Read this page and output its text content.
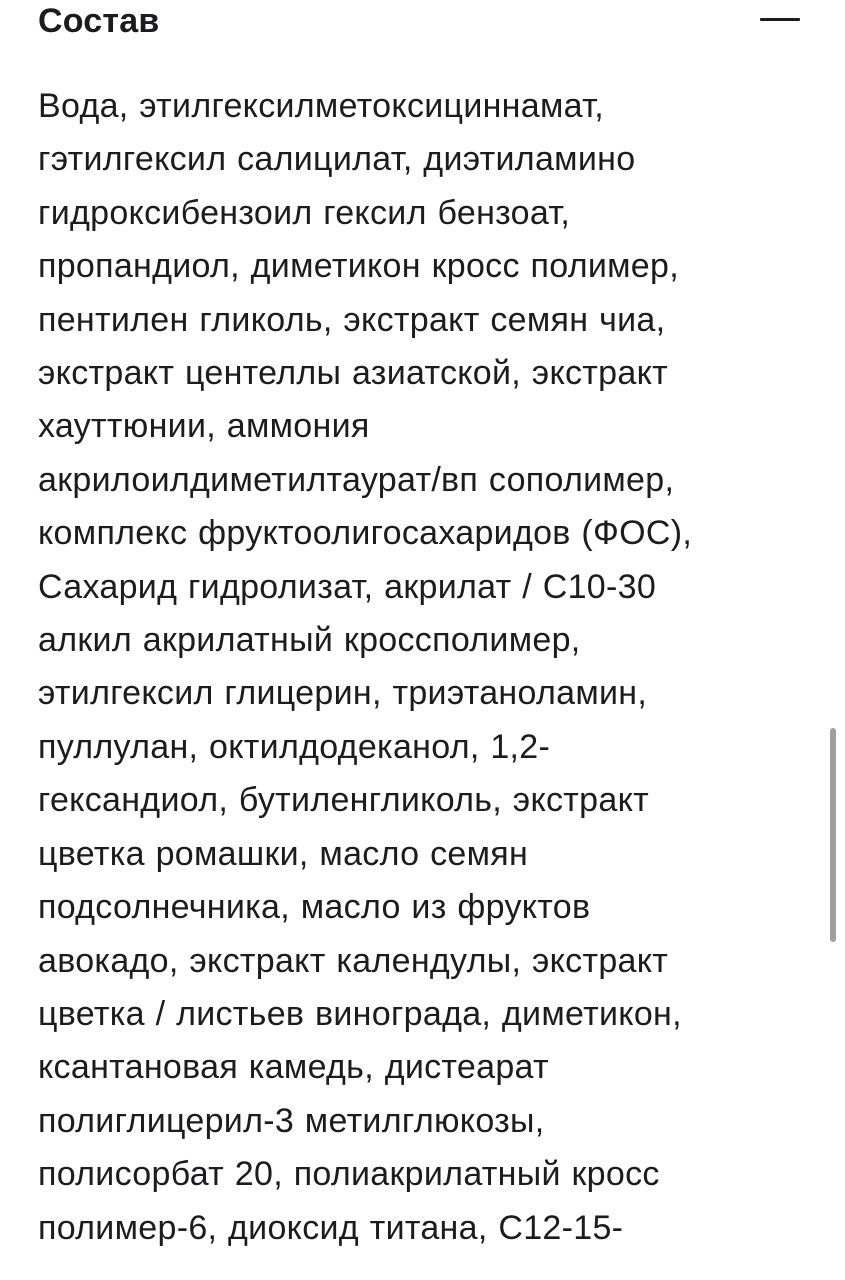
Состав

Вода, этилгексилметоксициннамат,
гэтилгексил салицилат, диэтиламино
гидроксибензоил гексил бензоат,
пропандиол, диметикон кросс полимер,
пентилен гликоль, экстракт семян чиа,
экстракт центеллы азиатской, экстракт
хауттюнии, аммония
акрилоилдиметилтаурат/вп сополимер,
комплекс фруктоолигосахаридов (ФОС),
Сахарид гидролизат, акрилат / С10-30
алкил акрилатный кроссполимер,
этилгексил глицерин, триэтаноламин,
пуллулан, октилдодеканол, 1,2-
гександиол, бутиленгликоль, экстракт
цветка ромашки, масло семян
подсолнечника, масло из фруктов
авокадо, экстракт календулы, экстракт
цветка / листьев винограда, диметикон,
ксантановая камедь, дистеарат
полиглицерил-3 метилглюкозы,
полисорбат 20, полиакрилатный кросс
полимер-6, диоксид титана, С12-15-
